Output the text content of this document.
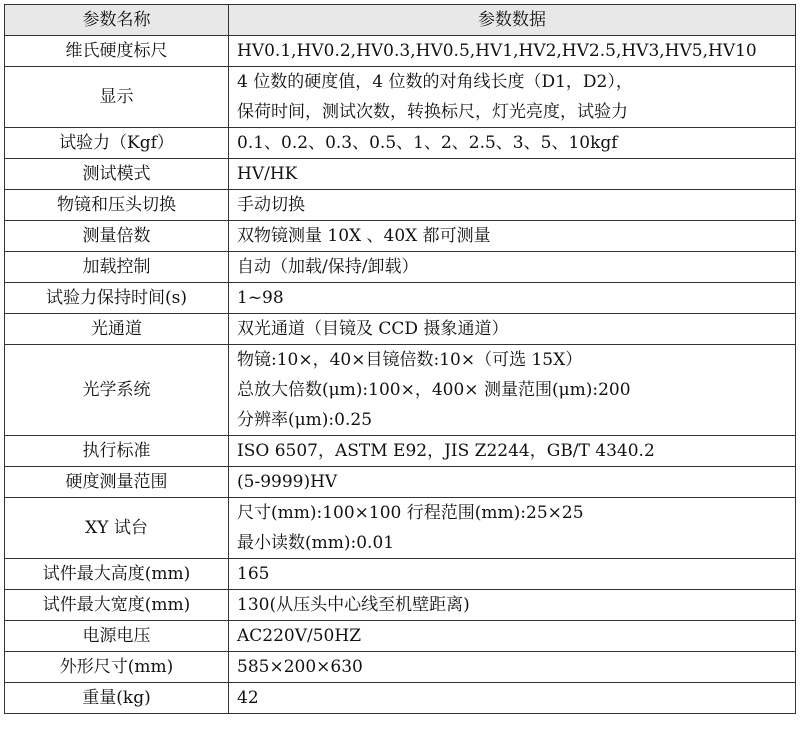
参数名称	参数数据
维氏硬度标尺	HV0.1,HV0.2,HV0.3,HV0.5,HV1,HV2,HV2.5,HV3,HV5,HV10

显示	4 位数的硬度值，4 位数的对角线长度（D1，D2），
保荷时间，测试次数，转换标尺，灯光亮度，试验力

试验力（Kgf）	0.1、0.2、0.3、0.5、1、2、2.5、3、5、10kgf

测试模式	HV/HK

物镜和压头切换	手动切换

测量倍数	双物镜测量 10X 、40X 都可测量

加载控制	自动（加载/保持/卸载）

试验力保持时间(s)	1~98

光通道	双光通道（目镜及 CCD 摄象通道）

光学系统	物镜:10×，40×目镜倍数:10×（可选 15X）
总放大倍数(μm):100×，400× 测量范围(μm):200
分辨率(μm):0.25

执行标准	ISO 6507，ASTM E92，JIS Z2244，GB/T 4340.2

硬度测量范围	(5-9999)HV

XY 试台	尺寸(mm):100×100 行程范围(mm):25×25
最小读数(mm):0.01

试件最大高度(mm)	165

试件最大宽度(mm)	130(从压头中心线至机壁距离)

电源电压	AC220V/50HZ

外形尺寸(mm)	585×200×630

重量(kg)	42
